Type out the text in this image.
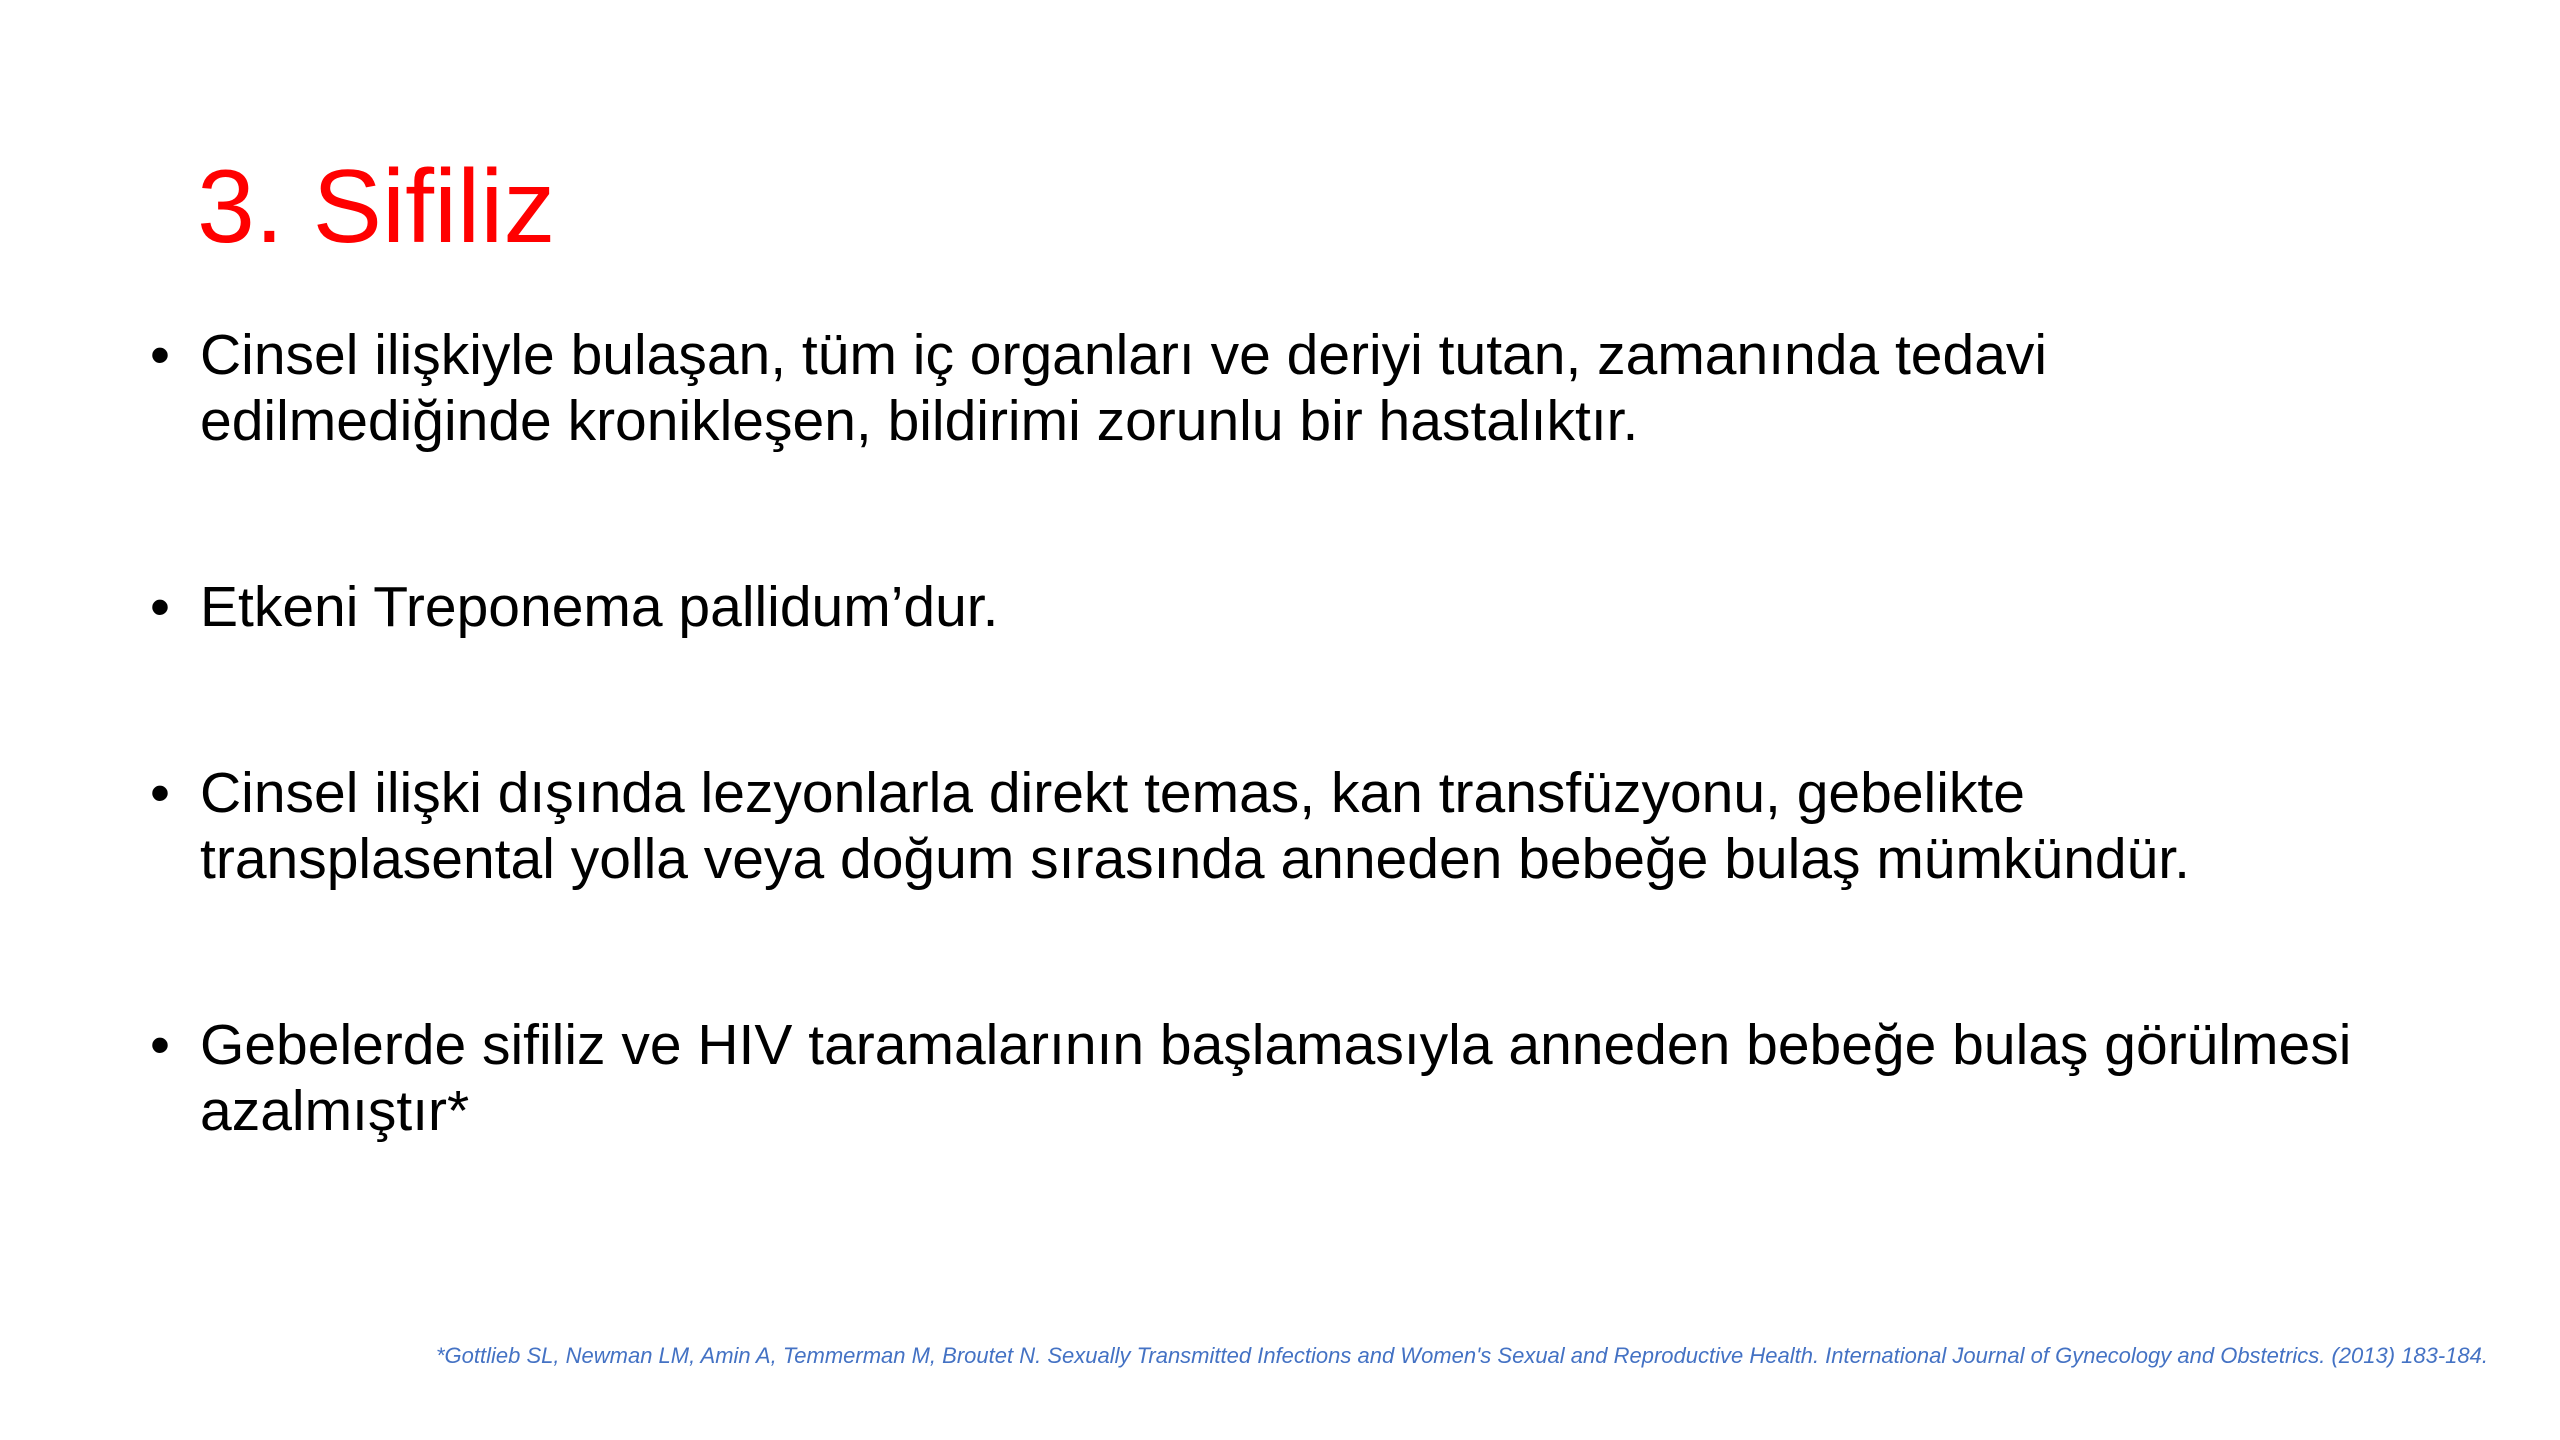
3. Sifiliz
• Cinsel ilişkiyle bulaşan, tüm iç organları ve deriyi tutan, zamanında tedavi edilmediğinde kronikleşen, bildirimi zorunlu bir hastalıktır.
• Etkeni Treponema pallidum’dur.
• Cinsel ilişki dışında lezyonlarla direkt temas, kan transfüzyonu, gebelikte transplasental yolla veya doğum sırasında anneden bebeğe bulaş mümkündür.
• Gebelerde sifiliz ve HIV taramalarının başlamasıyla anneden bebeğe bulaş görülmesi azalmıştır*

*Gottlieb SL, Newman LM, Amin A, Temmerman M, Broutet N. Sexually Transmitted Infections and Women's Sexual and Reproductive Health. International Journal of Gynecology and Obstetrics. (2013) 183-184.
